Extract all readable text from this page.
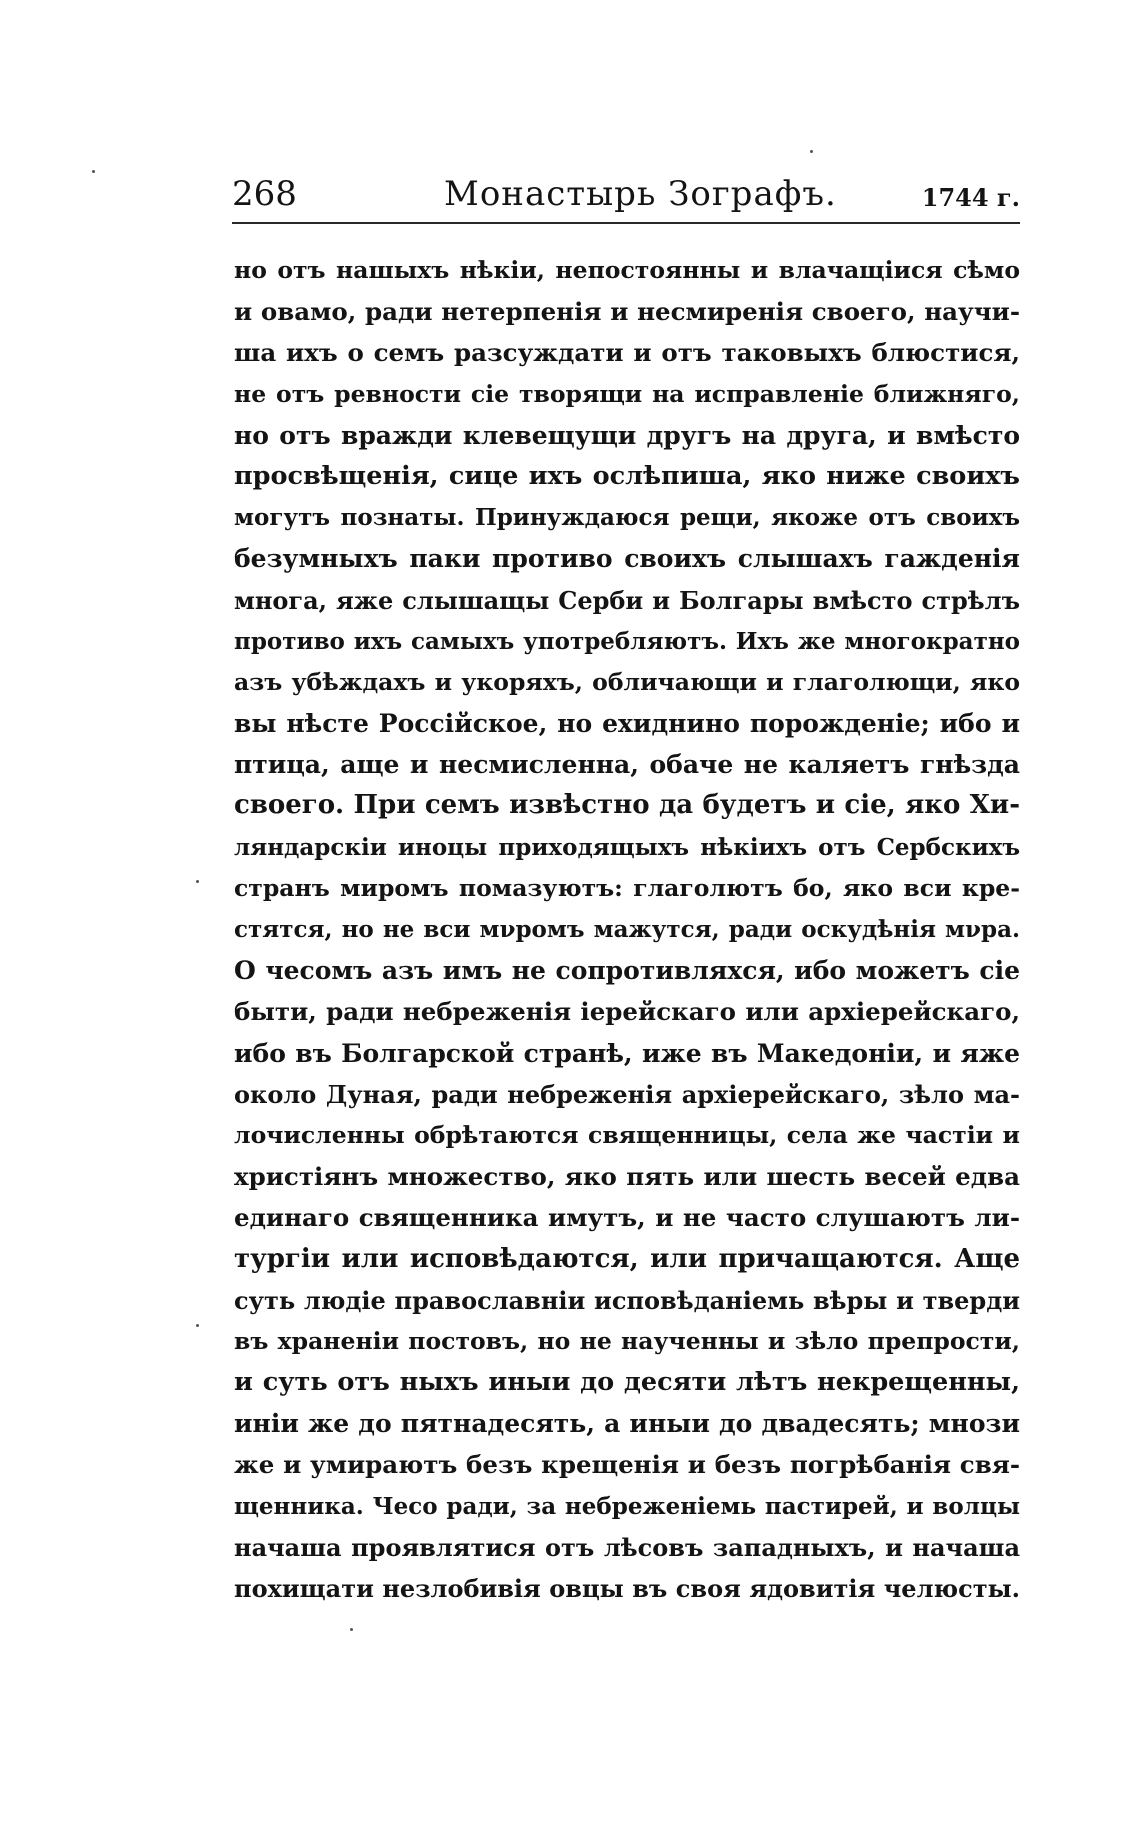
268	Монастырь Зографъ.	1744 г.
но отъ нашыхъ нѣкіи, непостоянны и влачащіися сѣмо
и овамо, ради нетерпенія и несмиренія своего, научи-
ша ихъ о семъ разсуждати и отъ таковыхъ блюстися,
не отъ ревности сіе творящи на исправленіе ближняго,
но отъ вражди клевещущи другъ на друга, и вмѣсто
просвѣщенія, сице ихъ ослѣпиша, яко ниже своихъ
могутъ познаты. Принуждаюся рещи, якоже отъ своихъ
безумныхъ паки противо своихъ слышахъ гажденія
многа, яже слышащы Серби и Болгары вмѣсто стрѣлъ
противо ихъ самыхъ употребляютъ. Ихъ же многократно
азъ убѣждахъ и укоряхъ, обличающи и глаголющи, яко
вы нѣсте Россійское, но ехиднино порожденіе; ибо и
птица, аще и несмисленна, обаче не каляетъ гнѣзда
своего. При семъ извѣстно да будетъ и сіе, яко Хи-
ляндарскіи иноцы приходящыхъ нѣкіихъ отъ Сербскихъ
странъ миромъ помазуютъ: глаголютъ бо, яко вси кре-
стятся, но не вси мνромъ мажутся, ради оскудѣнія мνра.
О чесомъ азъ имъ не сопротивляхся, ибо можетъ сіе
быти, ради небреженія іерейскаго или архіерейскаго,
ибо въ Болгарской странѣ, иже въ Македоніи, и яже
около Дуная, ради небреженія архіерейскаго, зѣло ма-
лочисленны обрѣтаются священницы, села же частіи и
христіянъ множество, яко пять или шесть весей едва
единаго священника имутъ, и не часто слушаютъ ли-
тургіи или исповѣдаются, или причащаются. Аще
суть людіе православніи исповѣданіемь вѣры и тверди
въ храненіи постовъ, но не наученны и зѣло препрости,
и суть отъ ныхъ иныи до десяти лѣтъ некрещенны,
иніи же до пятнадесять, а иныи до двадесять; мнози
же и умираютъ безъ крещенія и безъ погрѣбанія свя-
щенника. Чесо ради, за небреженіемь пастирей, и волцы
начаша проявлятися отъ лѣсовъ западныхъ, и начаша
похищати незлобивія овцы въ своя ядовитія челюсты.
